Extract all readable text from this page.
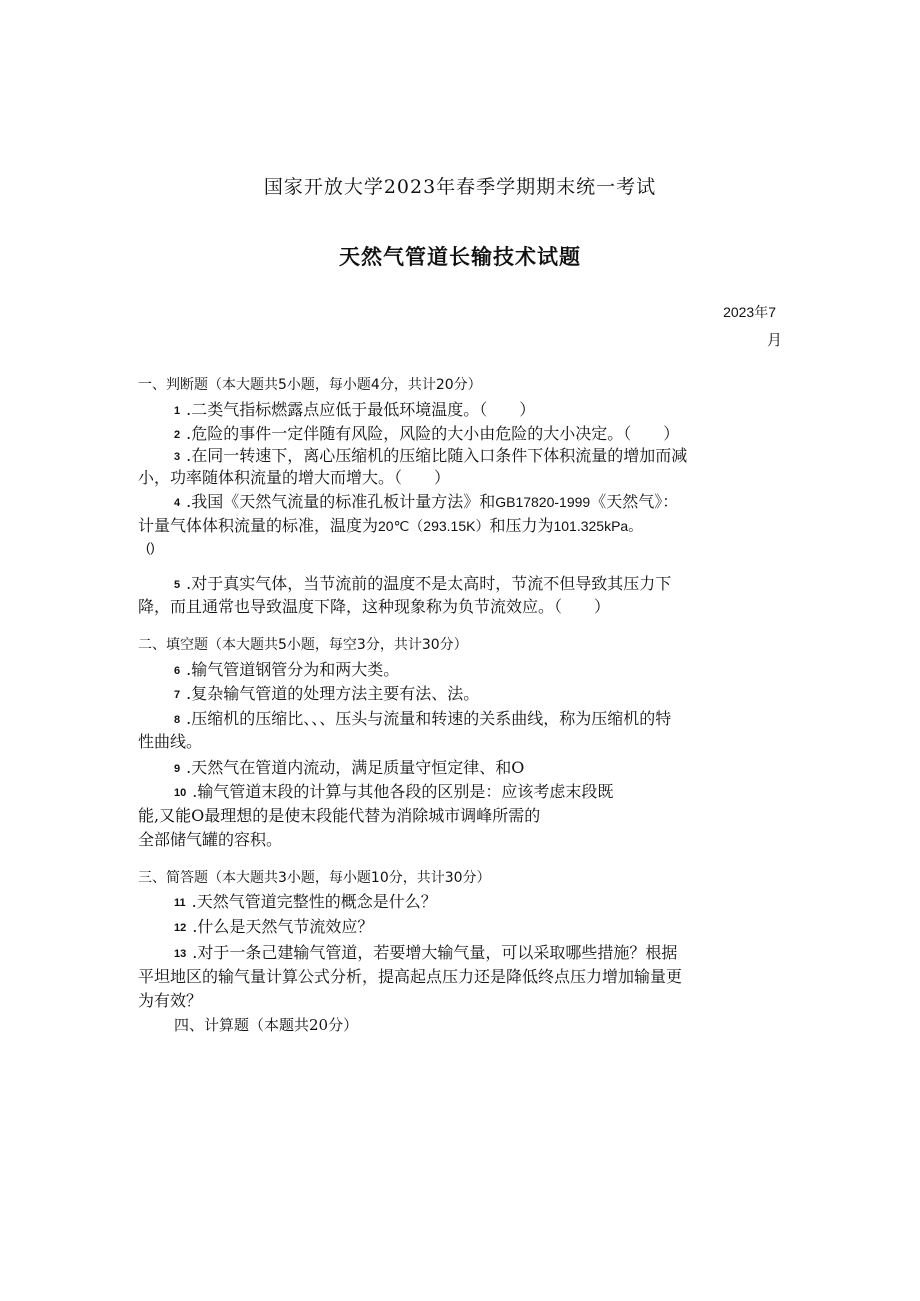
国家开放大学2023年春季学期期末统一考试
天然气管道长输技术试题
2023年7
月
一、判断题（本大题共5小题，每小题4分，共计20分）
1 .二类气指标燃露点应低于最低环境温度。（　　）
2 .危险的事件一定伴随有风险，风险的大小由危险的大小决定。（　　）
3 .在同一转速下，离心压缩机的压缩比随入口条件下体积流量的增加而减
小，功率随体积流量的增大而增大。（　　）
4 .我国《天然气流量的标准孔板计量方法》和GB17820-1999《天然气》：
计量气体体积流量的标准，温度为20℃（293.15K）和压力为101.325kPa。
()
5 .对于真实气体，当节流前的温度不是太高时，节流不但导致其压力下
降，而且通常也导致温度下降，这种现象称为负节流效应。（　　）
二、填空题（本大题共5小题，每空3分，共计30分）
6 .输气管道钢管分为和两大类。
7 .复杂输气管道的处理方法主要有法、法。
8 .压缩机的压缩比、、、压头与流量和转速的关系曲线，称为压缩机的特
性曲线。
9 .天然气在管道内流动，满足质量守恒定律、和O
10 .输气管道末段的计算与其他各段的区别是：应该考虑末段既
能,又能O最理想的是使末段能代替为消除城市调峰所需的
全部储气罐的容积。
三、简答题（本大题共3小题，每小题10分，共计30分）
11 .天然气管道完整性的概念是什么？
12 .什么是天然气节流效应？
13 .对于一条己建输气管道，若要增大输气量，可以采取哪些措施？根据
平坦地区的输气量计算公式分析，提高起点压力还是降低终点压力增加输量更
为有效？
四、计算题（本题共20分）
